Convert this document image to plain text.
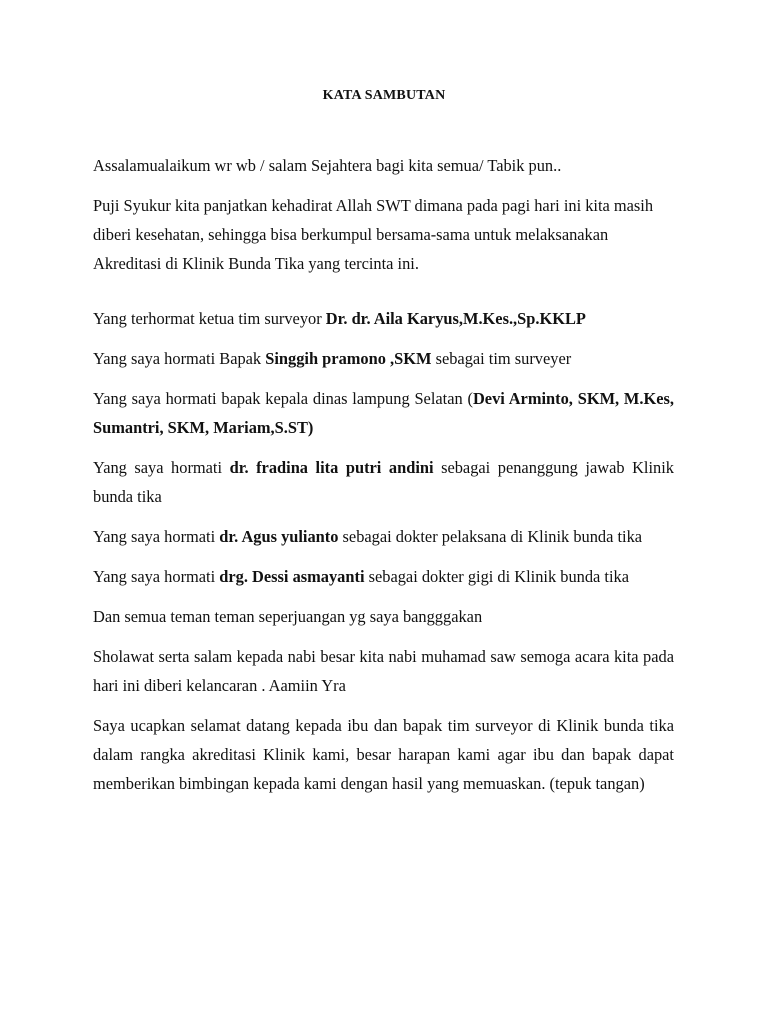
KATA SAMBUTAN

Assalamualaikum wr wb / salam Sejahtera bagi kita semua/ Tabik pun..

Puji Syukur kita panjatkan kehadirat Allah SWT dimana pada pagi hari ini kita masih diberi kesehatan, sehingga bisa berkumpul bersama-sama untuk melaksanakan Akreditasi di Klinik Bunda Tika yang tercinta ini.

Yang terhormat ketua tim surveyor Dr. dr. Aila Karyus,M.Kes.,Sp.KKLP

Yang saya hormati Bapak Singgih pramono ,SKM sebagai tim surveyer

Yang saya hormati bapak kepala dinas lampung Selatan (Devi Arminto, SKM, M.Kes, Sumantri, SKM, Mariam,S.ST)

Yang saya hormati dr. fradina lita putri andini sebagai penanggung jawab Klinik bunda tika

Yang saya hormati dr. Agus yulianto sebagai dokter pelaksana di Klinik bunda tika

Yang saya hormati drg. Dessi asmayanti sebagai dokter gigi di Klinik bunda tika

Dan semua teman teman seperjuangan yg saya bangggakan

Sholawat serta salam kepada nabi besar kita nabi muhamad saw semoga acara kita pada hari ini diberi kelancaran . Aamiin Yra

Saya ucapkan selamat datang kepada ibu dan bapak tim surveyor di Klinik bunda tika dalam rangka akreditasi Klinik kami, besar harapan kami agar ibu dan bapak dapat memberikan bimbingan kepada kami dengan hasil yang memuaskan. (tepuk tangan)
